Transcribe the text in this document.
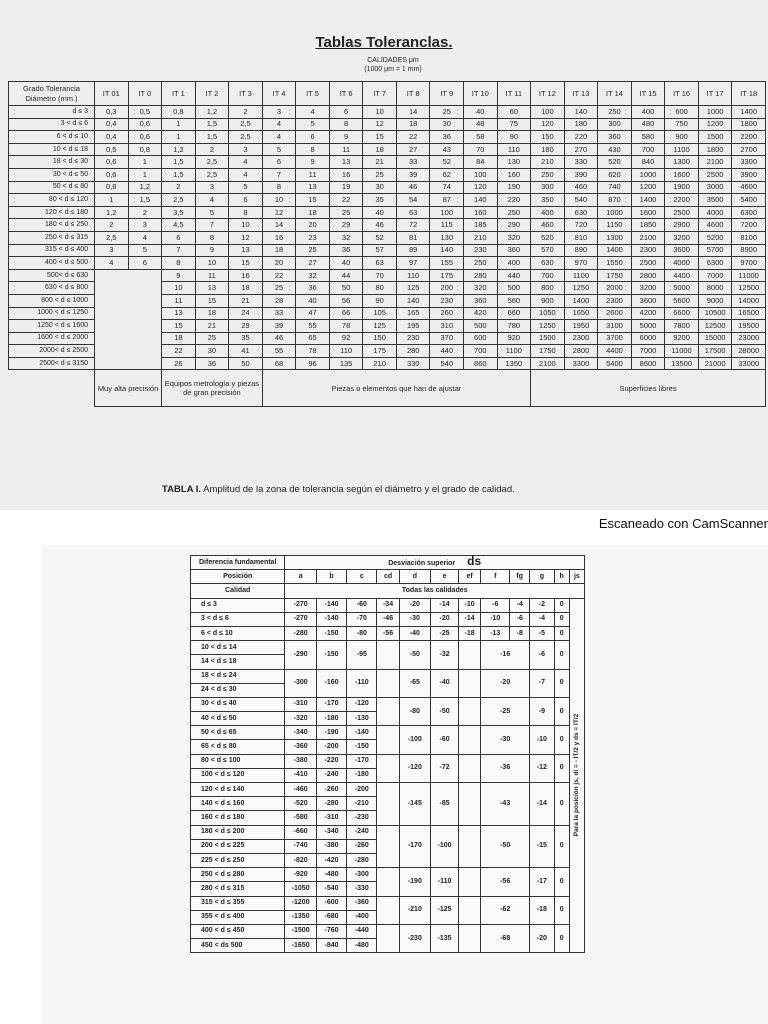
Tablas Toleranclas.
CALIDADES μm
(1000 μm = 1 mm)
Grado Tolerancia Diámetro (mm.)	IT 01	IT 0	IT 1	IT 2	IT 3	IT 4	IT 5	IT 6	IT 7	IT 8	IT 9	IT 10	IT 11	IT 12	IT 13	IT 14	IT 15	IT 16	IT 17	IT 18
d ≤ 3	0,3	0,5	0,8	1,2	2	3	4	6	10	14	25	40	60	100	140	250	400	600	1000	1400
3 < d ≤ 6	0,4	0,6	1	1,5	2,5	4	5	8	12	18	30	48	75	120	180	300	480	750	1200	1800
6 < d ≤ 10	0,4	0,6	1	1,5	2,5	4	6	9	15	22	36	58	90	150	220	360	580	900	1500	2200
10 < d ≤ 18	0,5	0,8	1,2	2	3	5	8	11	18	27	43	70	110	180	270	430	700	1100	1800	2700
18 < d ≤ 30	0,6	1	1,5	2,5	4	6	9	13	21	33	52	84	130	210	330	520	840	1300	2100	3300
30 < d ≤ 50	0,6	1	1,5	2,5	4	7	11	16	25	39	62	100	160	250	390	620	1000	1600	2500	3900
50 < d ≤ 80	0,8	1,2	2	3	5	8	13	19	30	46	74	120	190	300	460	740	1200	1900	3000	4600
80 < d ≤ 120	1	1,5	2,5	4	6	10	15	22	35	54	87	140	220	350	540	870	1400	2200	3500	5400
120 < d ≤ 180	1,2	2	3,5	5	8	12	18	25	40	63	100	160	250	400	630	1000	1600	2500	4000	6300
180 < d ≤ 250	2	3	4,5	7	10	14	20	29	46	72	115	185	290	460	720	1150	1850	2900	4600	7200
250 < d ≤ 315	2,5	4	6	8	12	16	23	32	52	81	130	210	320	520	810	1300	2100	3200	5200	8100
315 < d ≤ 400	3	5	7	9	13	18	25	36	57	89	140	230	360	570	890	1400	2300	3600	5700	8900
400 < d ≤ 500	4	6	8	10	15	20	27	40	63	97	155	250	400	630	970	1550	2500	4000	6300	9700
500< d ≤ 630			9	11	16	22	32	44	70	110	175	280	440	700	1100	1750	2800	4400	7000	11000
630 < d ≤ 800			10	13	18	25	36	50	80	125	200	320	500	800	1250	2000	3200	5000	8000	12500
800 < d ≤ 1000			11	15	21	28	40	56	90	140	230	360	560	900	1400	2300	3600	5600	9000	14000
1000 < d ≤ 1250			13	18	24	33	47	66	105	165	260	420	660	1050	1650	2600	4200	6600	10500	16500
1250 < d ≤ 1600			15	21	29	39	55	78	125	195	310	500	780	1250	1950	3100	5000	7800	12500	19500
1600 < d ≤ 2000			18	25	35	46	65	92	150	230	370	600	920	1500	2300	3700	6000	9200	15000	23000
2000< d ≤ 2500			22	30	41	55	78	110	175	280	440	700	1100	1750	2800	4400	7000	11000	17500	28000
2500< d ≤ 3150			26	36	50	68	96	135	210	330	540	860	1350	2100	3300	5400	8600	13500	21000	33000
	Muy alta precisión		Equipos metrología y piezas de gran precisión			Piezas o elementos que han de ajustar								Superficies libres						
TABLA I. Amplitud de la zona de tolerancia según el diámetro y el grado de calidad.
Escaneado con CamScanner
Diferencia fundamental	Desviación superior ds											
Posición	a	b	c	cd	d	e	ef	f	fg	g	h	js
Calidad	Todas las calidades											
d ≤ 3	-270	-140	-60	-34	-20	-14	-10	-6	-4	-2	0	Para la posición js, di = - IT/2 y ds = IT/2

3 < d ≤ 6	-270	-140	-70	-46	-30	-20	-14	-10	-6	-4	0	
6 < d ≤ 10	-280	-150	-80	-56	-40	-25	-18	-13	-8	-5	0	
10 < d ≤ 14	-290	-150	-95		-50	-32		-16		-6	0	
14 < d ≤ 18												
18 < d ≤ 24	-300	-160	-110		-65	-40		-20		-7	0	
24 < d ≤ 30												
30 < d ≤ 40	-310	-170	-120		-80	-50		-25		-9	0	
40 < d ≤ 50	-320	-180	-130									
50 < d ≤ 65	-340	-190	-140		-100	-60		-30		-10	0	
65 < d ≤ 80	-360	-200	-150									
80 < d ≤ 100	-380	-220	-170		-120	-72		-36		-12	0	
100 < d ≤ 120	-410	-240	-180									
120 < d ≤ 140	-460	-260	-200		-145	-85		-43		-14	0	
140 < d ≤ 160	-520	-280	-210									
160 < d ≤ 180	-580	-310	-230									
180 < d ≤ 200	-660	-340	-240		-170	-100		-50		-15	0	
200 < d ≤ 225	-740	-380	-260									
225 < d ≤ 250	-820	-420	-280									
250 < d ≤ 280	-920	-480	-300		-190	-110		-56		-17	0	
280 < d ≤ 315	-1050	-540	-330									
315 < d ≤ 355	-1200	-600	-360		-210	-125		-62		-18	0	
355 < d ≤ 400	-1350	-680	-400									
400 < d ≤ 450	-1500	-760	-440		-230	-135		-68		-20	0	
450 < ds 500	-1650	-840	-480									
